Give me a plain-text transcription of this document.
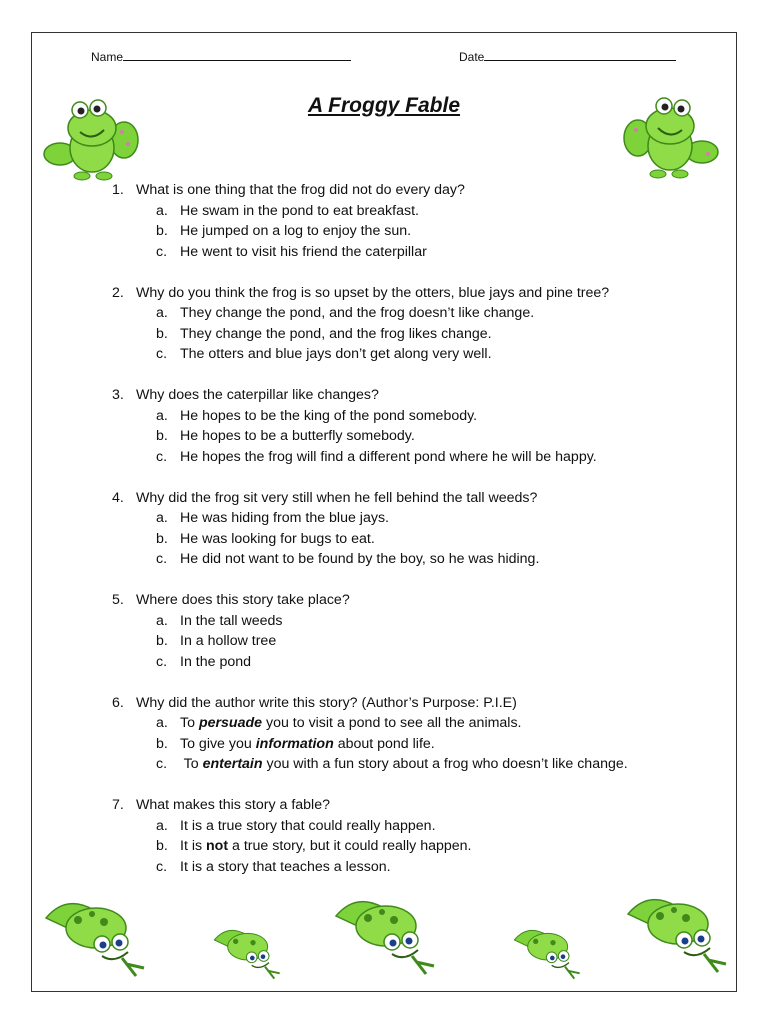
Name	Date
A Froggy Fable
1. What is one thing that the frog did not do every day?
a. He swam in the pond to eat breakfast.
b. He jumped on a log to enjoy the sun.
c. He went to visit his friend the caterpillar
2. Why do you think the frog is so upset by the otters, blue jays and pine tree?
a. They change the pond, and the frog doesn’t like change.
b. They change the pond, and the frog likes change.
c. The otters and blue jays don’t get along very well.
3. Why does the caterpillar like changes?
a. He hopes to be the king of the pond somebody.
b. He hopes to be a butterfly somebody.
c. He hopes the frog will find a different pond where he will be happy.
4. Why did the frog sit very still when he fell behind the tall weeds?
a. He was hiding from the blue jays.
b. He was looking for bugs to eat.
c. He did not want to be found by the boy, so he was hiding.
5. Where does this story take place?
a. In the tall weeds
b. In a hollow tree
c. In the pond
6. Why did the author write this story? (Author’s Purpose: P.I.E)
a. To persuade you to visit a pond to see all the animals.
b. To give you information about pond life.
c. To entertain you with a fun story about a frog who doesn’t like change.
7. What makes this story a fable?
a. It is a true story that could really happen.
b. It is not a true story, but it could really happen.
c. It is a story that teaches a lesson.
